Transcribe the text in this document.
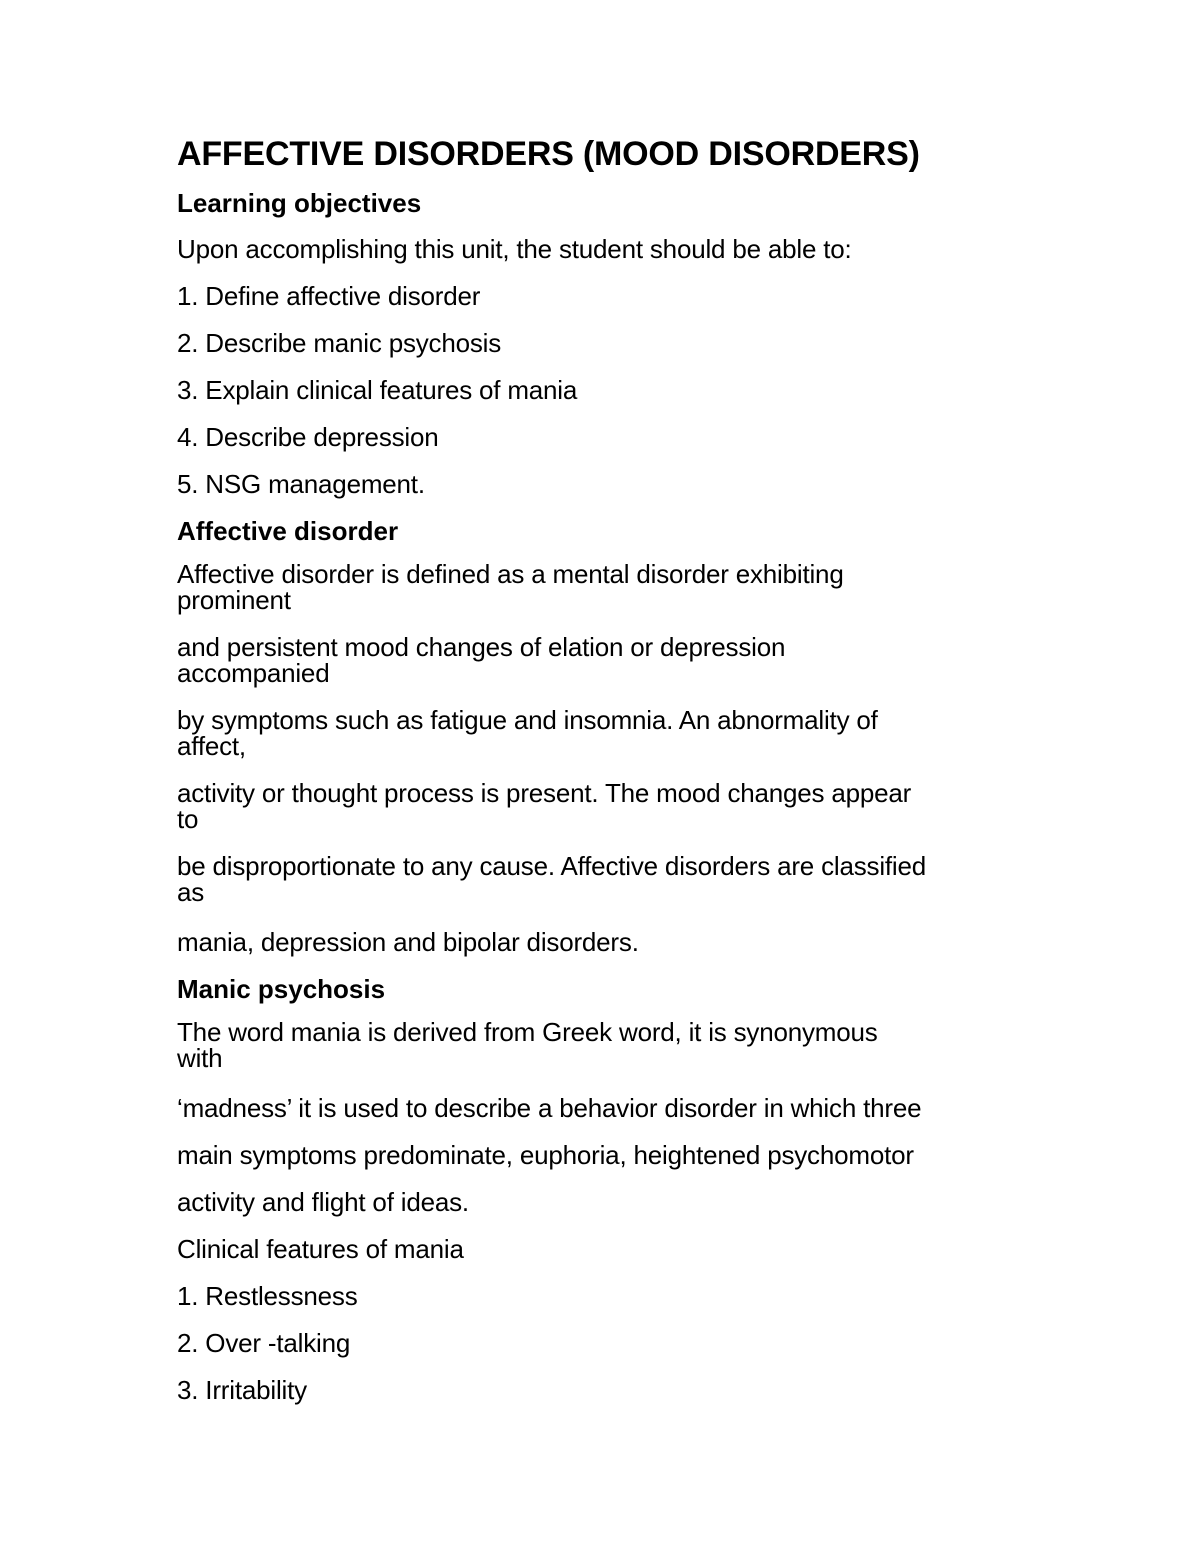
AFFECTIVE DISORDERS (MOOD DISORDERS)
Learning objectives
Upon accomplishing this unit, the student should be able to:
1. Define affective disorder
2. Describe manic psychosis
3. Explain clinical features of mania
4. Describe depression
5. NSG management.
Affective disorder
Affective disorder is defined as a mental disorder exhibiting
prominent
and persistent mood changes of elation or depression
accompanied
by symptoms such as fatigue and insomnia. An abnormality of
affect,
activity or thought process is present. The mood changes appear
to
be disproportionate to any cause. Affective disorders are classified
as
mania, depression and bipolar disorders.
Manic psychosis
The word mania is derived from Greek word, it is synonymous
with
‘madness’ it is used to describe a behavior disorder in which three
main symptoms predominate, euphoria, heightened psychomotor
activity and flight of ideas.
Clinical features of mania
1. Restlessness
2. Over -talking
3. Irritability
